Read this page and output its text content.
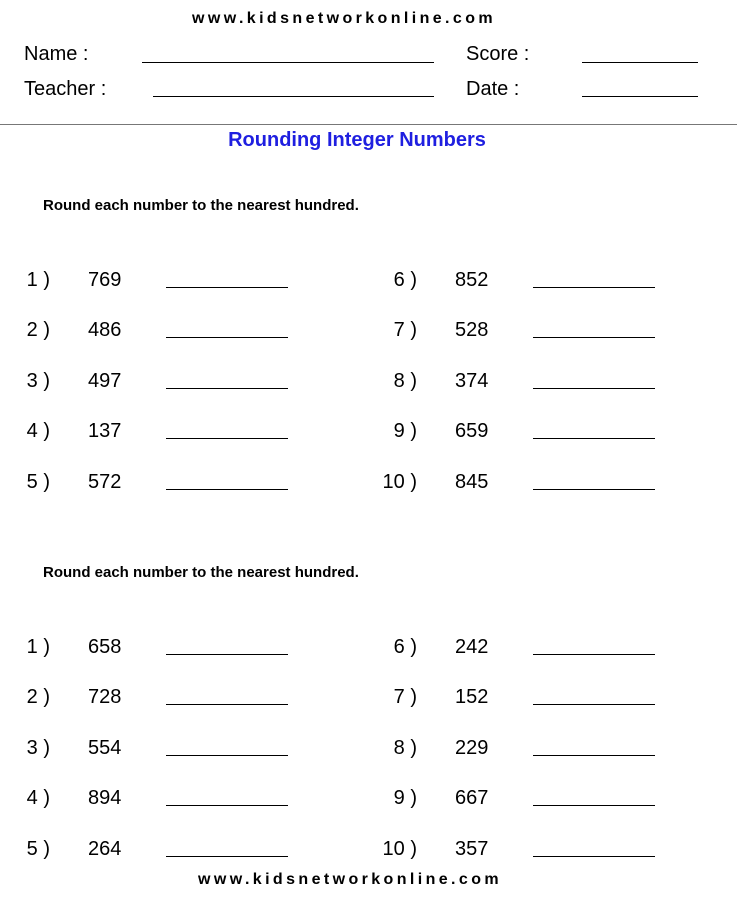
www.kidsnetworkonline.com
Name :	Score :
Teacher :	Date :
Rounding Integer Numbers
Round each number to the nearest hundred.
1 ) 769
2 ) 486
3 ) 497
4 ) 137
5 ) 572
6 ) 852
7 ) 528
8 ) 374
9 ) 659
10 ) 845
Round each number to the nearest hundred.
1 ) 658
2 ) 728
3 ) 554
4 ) 894
5 ) 264
6 ) 242
7 ) 152
8 ) 229
9 ) 667
10 ) 357
www.kidsnetworkonline.com
